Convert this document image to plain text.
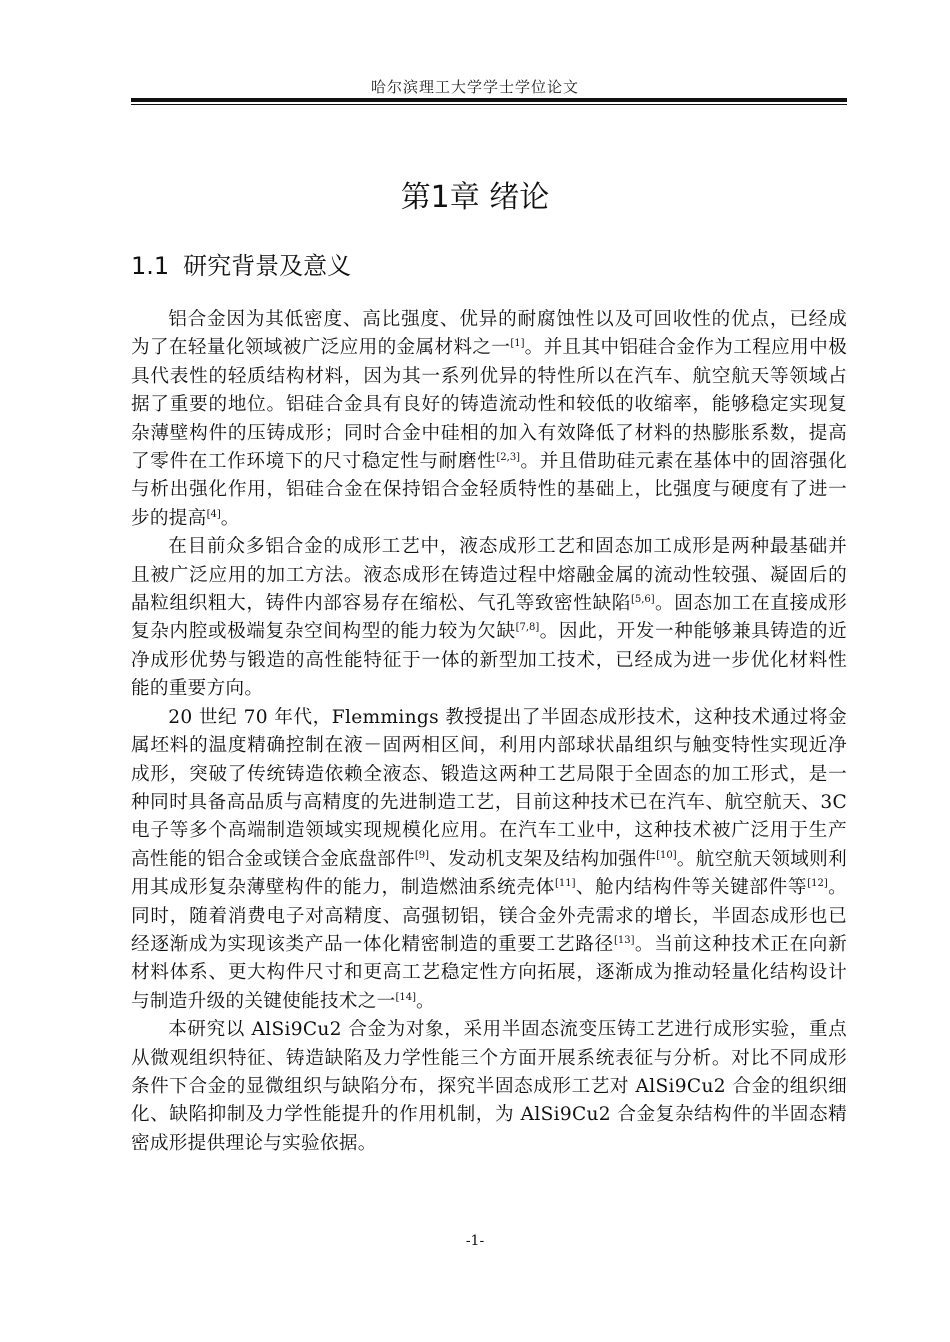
哈尔滨理工大学学士学位论文
第1章 绪论
1.1 研究背景及意义

铝合金因为其低密度、高比强度、优异的耐腐蚀性以及可回收性的优点，已经成为了在轻量化领域被广泛应用的金属材料之一[1]。并且其中铝硅合金作为工程应用中极具代表性的轻质结构材料，因为其一系列优异的特性所以在汽车、航空航天等领域占据了重要的地位。铝硅合金具有良好的铸造流动性和较低的收缩率，能够稳定实现复杂薄壁构件的压铸成形；同时合金中硅相的加入有效降低了材料的热膨胀系数，提高了零件在工作环境下的尺寸稳定性与耐磨性[2,3]。并且借助硅元素在基体中的固溶强化与析出强化作用，铝硅合金在保持铝合金轻质特性的基础上，比强度与硬度有了进一步的提高[4]。

在目前众多铝合金的成形工艺中，液态成形工艺和固态加工成形是两种最基础并且被广泛应用的加工方法。液态成形在铸造过程中熔融金属的流动性较强、凝固后的晶粒组织粗大，铸件内部容易存在缩松、气孔等致密性缺陷[5,6]。固态加工在直接成形复杂内腔或极端复杂空间构型的能力较为欠缺[7,8]。因此，开发一种能够兼具铸造的近净成形优势与锻造的高性能特征于一体的新型加工技术，已经成为进一步优化材料性能的重要方向。

20 世纪 70 年代，Flemmings 教授提出了半固态成形技术，这种技术通过将金属坯料的温度精确控制在液－固两相区间，利用内部球状晶组织与触变特性实现近净成形，突破了传统铸造依赖全液态、锻造这两种工艺局限于全固态的加工形式，是一种同时具备高品质与高精度的先进制造工艺，目前这种技术已在汽车、航空航天、3C 电子等多个高端制造领域实现规模化应用。在汽车工业中，这种技术被广泛用于生产高性能的铝合金或镁合金底盘部件[9]、发动机支架及结构加强件[10]。航空航天领域则利用其成形复杂薄壁构件的能力，制造燃油系统壳体[11]、舱内结构件等关键部件等[12]。同时，随着消费电子对高精度、高强韧铝，镁合金外壳需求的增长，半固态成形也已经逐渐成为实现该类产品一体化精密制造的重要工艺路径[13]。当前这种技术正在向新材料体系、更大构件尺寸和更高工艺稳定性方向拓展，逐渐成为推动轻量化结构设计与制造升级的关键使能技术之一[14]。

本研究以 AlSi9Cu2 合金为对象，采用半固态流变压铸工艺进行成形实验，重点从微观组织特征、铸造缺陷及力学性能三个方面开展系统表征与分析。对比不同成形条件下合金的显微组织与缺陷分布，探究半固态成形工艺对 AlSi9Cu2 合金的组织细化、缺陷抑制及力学性能提升的作用机制，为 AlSi9Cu2 合金复杂结构件的半固态精密成形提供理论与实验依据。

-1-
